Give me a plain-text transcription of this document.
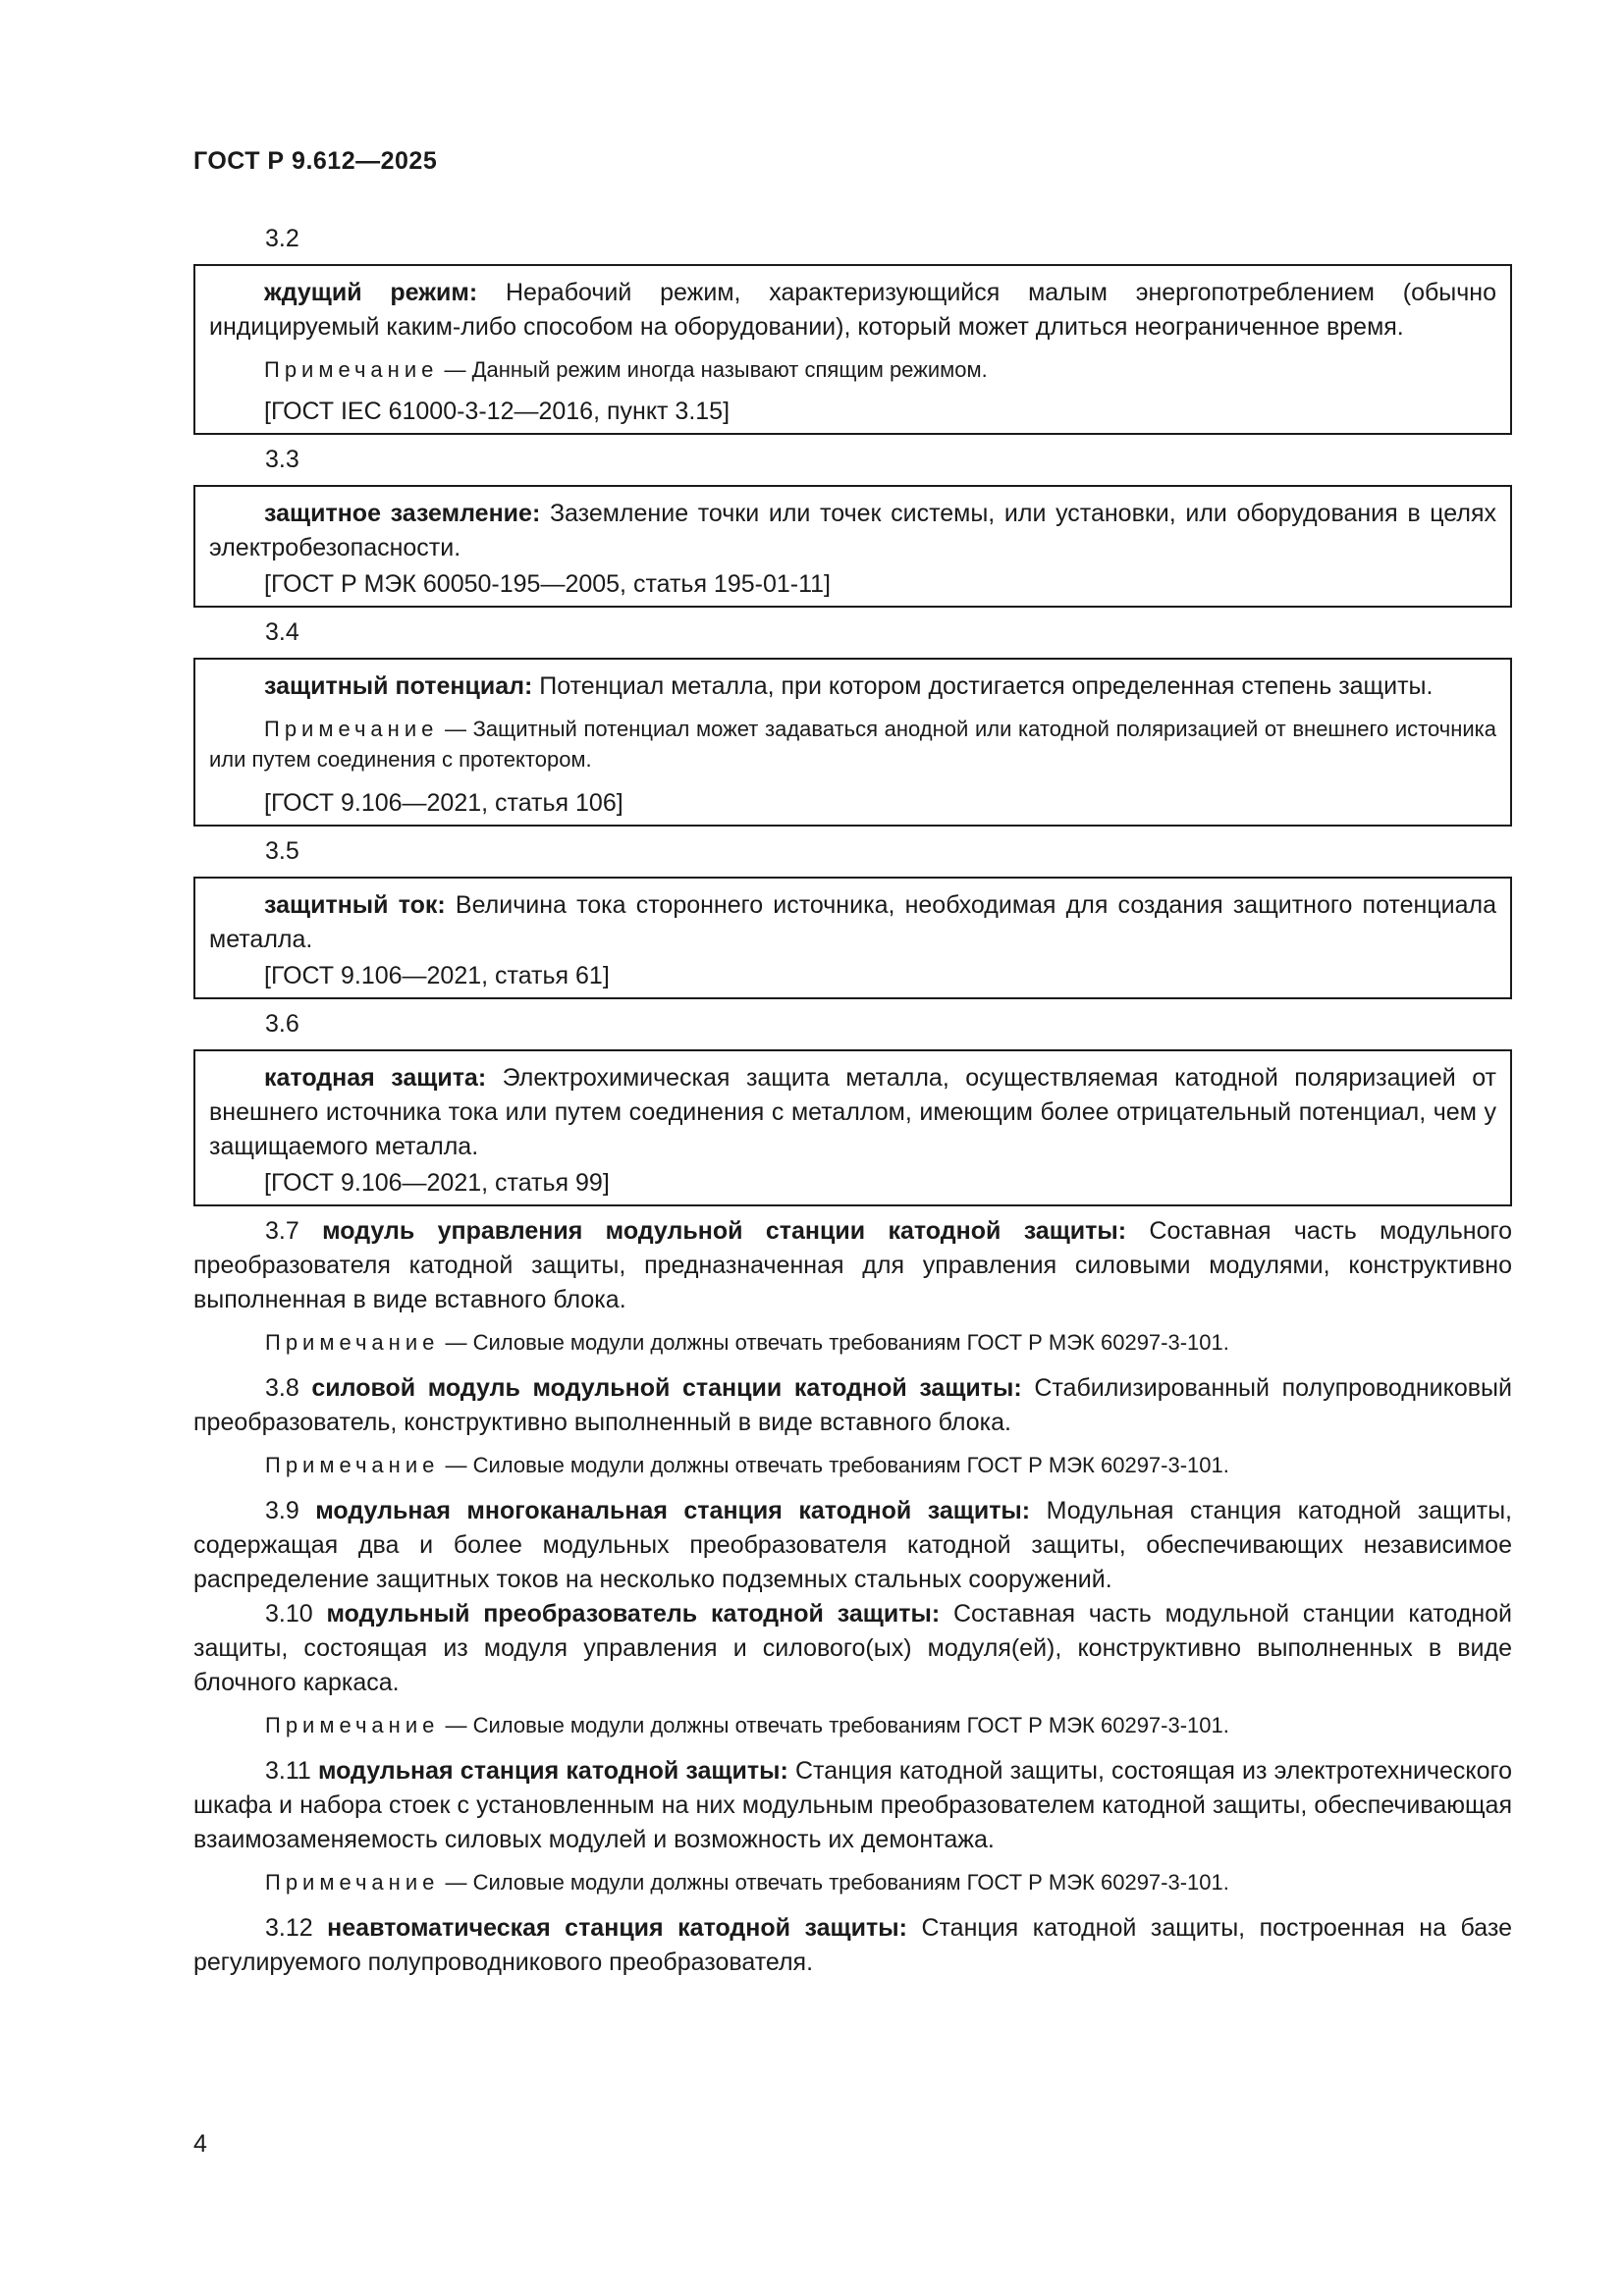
ГОСТ Р 9.612—2025
3.2

ждущий режим: Нерабочий режим, характеризующийся малым энергопотреблением (обычно индицируемый каким-либо способом на оборудовании), который может длиться неограниченное время.

Примечание — Данный режим иногда называют спящим режимом.

[ГОСТ IEC 61000-3-12—2016, пункт 3.15]

3.3

защитное заземление: Заземление точки или точек системы, или установки, или оборудования в целях электробезопасности.

[ГОСТ Р МЭК 60050-195—2005, статья 195-01-11]

3.4

защитный потенциал: Потенциал металла, при котором достигается определенная степень защиты.

Примечание — Защитный потенциал может задаваться анодной или катодной поляризацией от внешнего источника или путем соединения с протектором.

[ГОСТ 9.106—2021, статья 106]

3.5

защитный ток: Величина тока стороннего источника, необходимая для создания защитного потенциала металла.

[ГОСТ 9.106—2021, статья 61]

3.6

катодная защита: Электрохимическая защита металла, осуществляемая катодной поляризацией от внешнего источника тока или путем соединения с металлом, имеющим более отрицательный потенциал, чем у защищаемого металла.

[ГОСТ 9.106—2021, статья 99]

3.7 модуль управления модульной станции катодной защиты: Составная часть модульного преобразователя катодной защиты, предназначенная для управления силовыми модулями, конструктивно выполненная в виде вставного блока.

Примечание — Силовые модули должны отвечать требованиям ГОСТ Р МЭК 60297-3-101.

3.8 силовой модуль модульной станции катодной защиты: Стабилизированный полупроводниковый преобразователь, конструктивно выполненный в виде вставного блока.

Примечание — Силовые модули должны отвечать требованиям ГОСТ Р МЭК 60297-3-101.

3.9 модульная многоканальная станция катодной защиты: Модульная станция катодной защиты, содержащая два и более модульных преобразователя катодной защиты, обеспечивающих независимое распределение защитных токов на несколько подземных стальных сооружений.

3.10 модульный преобразователь катодной защиты: Составная часть модульной станции катодной защиты, состоящая из модуля управления и силового(ых) модуля(ей), конструктивно выполненных в виде блочного каркаса.

Примечание — Силовые модули должны отвечать требованиям ГОСТ Р МЭК 60297-3-101.

3.11 модульная станция катодной защиты: Станция катодной защиты, состоящая из электротехнического шкафа и набора стоек с установленным на них модульным преобразователем катодной защиты, обеспечивающая взаимозаменяемость силовых модулей и возможность их демонтажа.

Примечание — Силовые модули должны отвечать требованиям ГОСТ Р МЭК 60297-3-101.

3.12 неавтоматическая станция катодной защиты: Станция катодной защиты, построенная на базе регулируемого полупроводникового преобразователя.

4
